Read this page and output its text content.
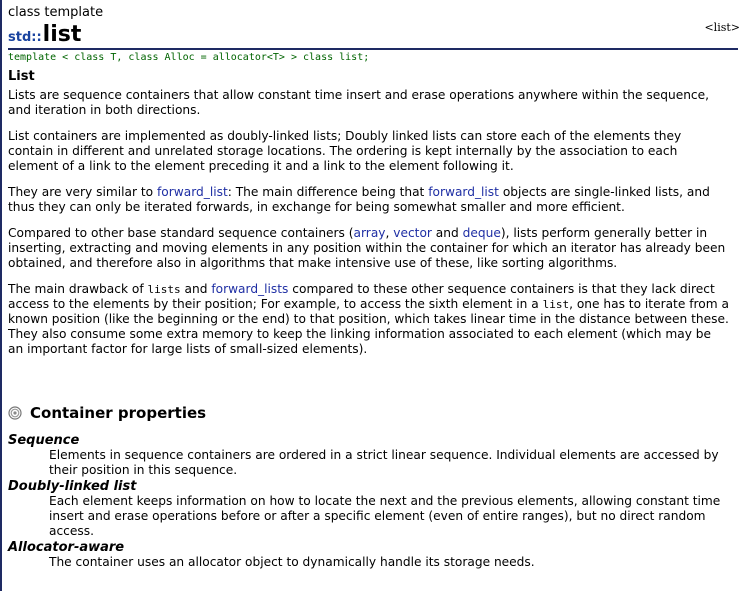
class template
std:: list	<list>
template < class T, class Alloc = allocator<T> > class list;
List

Lists are sequence containers that allow constant time insert and erase operations anywhere within the sequence, and iteration in both directions.

List containers are implemented as doubly-linked lists; Doubly linked lists can store each of the elements they contain in different and unrelated storage locations. The ordering is kept internally by the association to each element of a link to the element preceding it and a link to the element following it.

They are very similar to forward_list: The main difference being that forward_list objects are single-linked lists, and thus they can only be iterated forwards, in exchange for being somewhat smaller and more efficient.

Compared to other base standard sequence containers (array, vector and deque), lists perform generally better in inserting, extracting and moving elements in any position within the container for which an iterator has already been obtained, and therefore also in algorithms that make intensive use of these, like sorting algorithms.

The main drawback of lists and forward_lists compared to these other sequence containers is that they lack direct access to the elements by their position; For example, to access the sixth element in a list, one has to iterate from a known position (like the beginning or the end) to that position, which takes linear time in the distance between these. They also consume some extra memory to keep the linking information associated to each element (which may be an important factor for large lists of small-sized elements).

Container properties
Sequence
Elements in sequence containers are ordered in a strict linear sequence. Individual elements are accessed by their position in this sequence.
Doubly-linked list
Each element keeps information on how to locate the next and the previous elements, allowing constant time insert and erase operations before or after a specific element (even of entire ranges), but no direct random access.
Allocator-aware
The container uses an allocator object to dynamically handle its storage needs.
